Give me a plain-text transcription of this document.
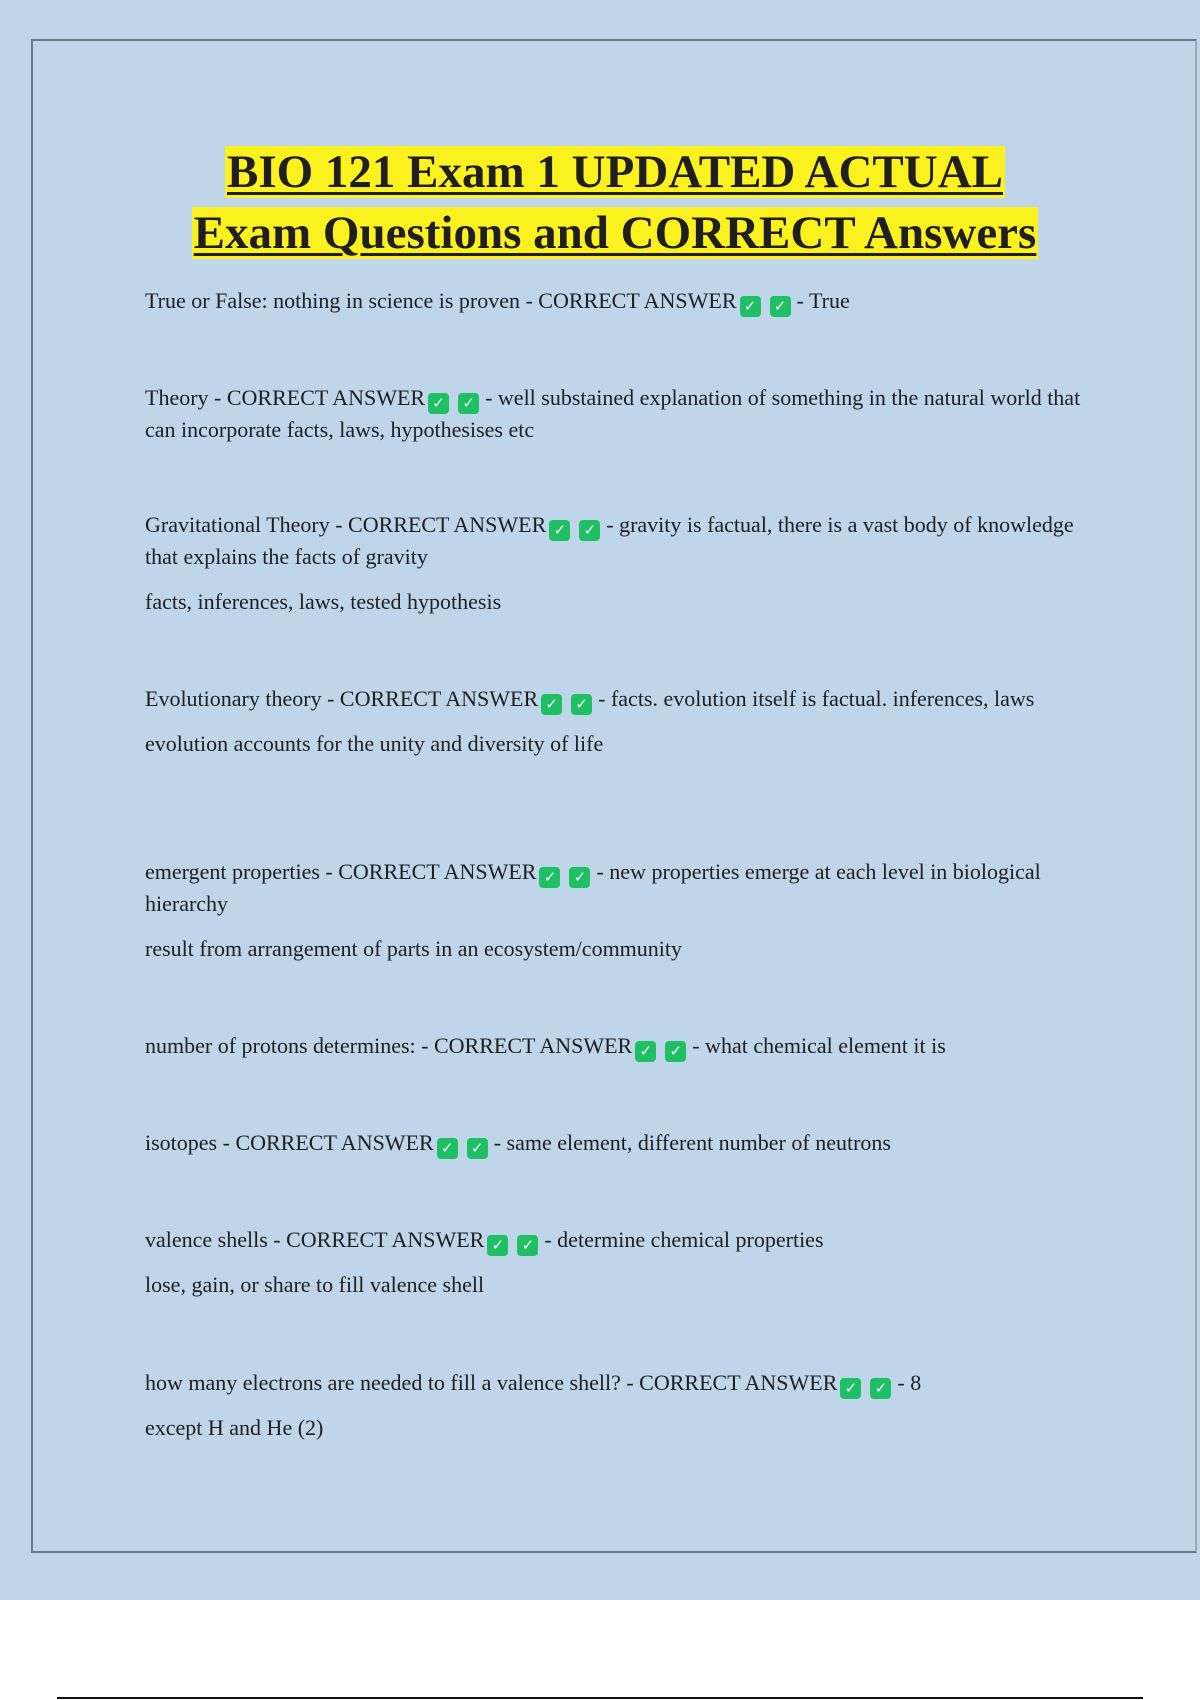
BIO 121 Exam 1 UPDATED ACTUAL
Exam Questions and CORRECT Answers

True or False: nothing in science is proven - CORRECT ANSWER ✓ ✓ - True

Theory - CORRECT ANSWER ✓ ✓ - well substained explanation of something in the natural world that can incorporate facts, laws, hypothesises etc

Gravitational Theory - CORRECT ANSWER ✓ ✓ - gravity is factual, there is a vast body of knowledge that explains the facts of gravity

facts, inferences, laws, tested hypothesis

Evolutionary theory - CORRECT ANSWER ✓ ✓ - facts. evolution itself is factual. inferences, laws

evolution accounts for the unity and diversity of life

emergent properties - CORRECT ANSWER ✓ ✓ - new properties emerge at each level in biological hierarchy

result from arrangement of parts in an ecosystem/community

number of protons determines: - CORRECT ANSWER ✓ ✓ - what chemical element it is

isotopes - CORRECT ANSWER ✓ ✓ - same element, different number of neutrons

valence shells - CORRECT ANSWER ✓ ✓ - determine chemical properties

lose, gain, or share to fill valence shell

how many electrons are needed to fill a valence shell? - CORRECT ANSWER ✓ ✓ - 8

except H and He (2)
